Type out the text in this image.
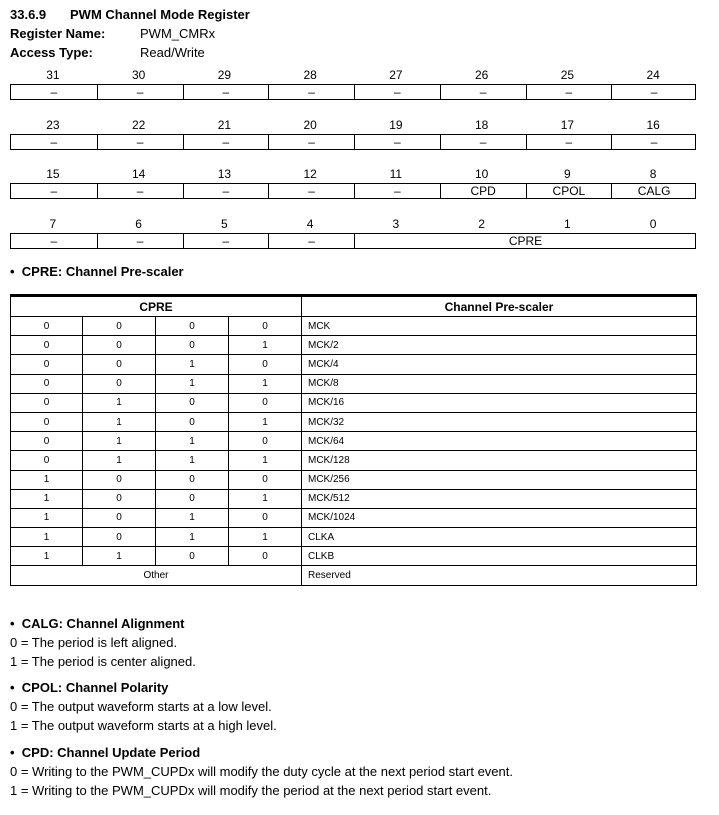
33.6.9 PWM Channel Mode Register
Register Name:	PWM_CMRx
Access Type:	Read/Write
31	30	29	28	27	26	25	24
–	–	–	–	–	–	–	–
23	22	21	20	19	18	17	16
–	–	–	–	–	–	–	–
15	14	13	12	11	10	9	8
–	–	–	–	–	CPD	CPOL	CALG
7	6	5	4	3	2	1	0
–	–	–	–	CPRE
•  CPRE: Channel Pre-scaler
CPRE				Channel Pre-scaler
0	0	0	0	MCK
0	0	0	1	MCK/2
0	0	1	0	MCK/4
0	0	1	1	MCK/8
0	1	0	0	MCK/16
0	1	0	1	MCK/32
0	1	1	0	MCK/64
0	1	1	1	MCK/128
1	0	0	0	MCK/256
1	0	0	1	MCK/512
1	0	1	0	MCK/1024
1	0	1	1	CLKA
1	1	0	0	CLKB
Other				Reserved
•  CALG: Channel Alignment
0 = The period is left aligned.
1 = The period is center aligned.
•  CPOL: Channel Polarity
0 = The output waveform starts at a low level.
1 = The output waveform starts at a high level.
•  CPD: Channel Update Period
0 = Writing to the PWM_CUPDx will modify the duty cycle at the next period start event.
1 = Writing to the PWM_CUPDx will modify the period at the next period start event.
